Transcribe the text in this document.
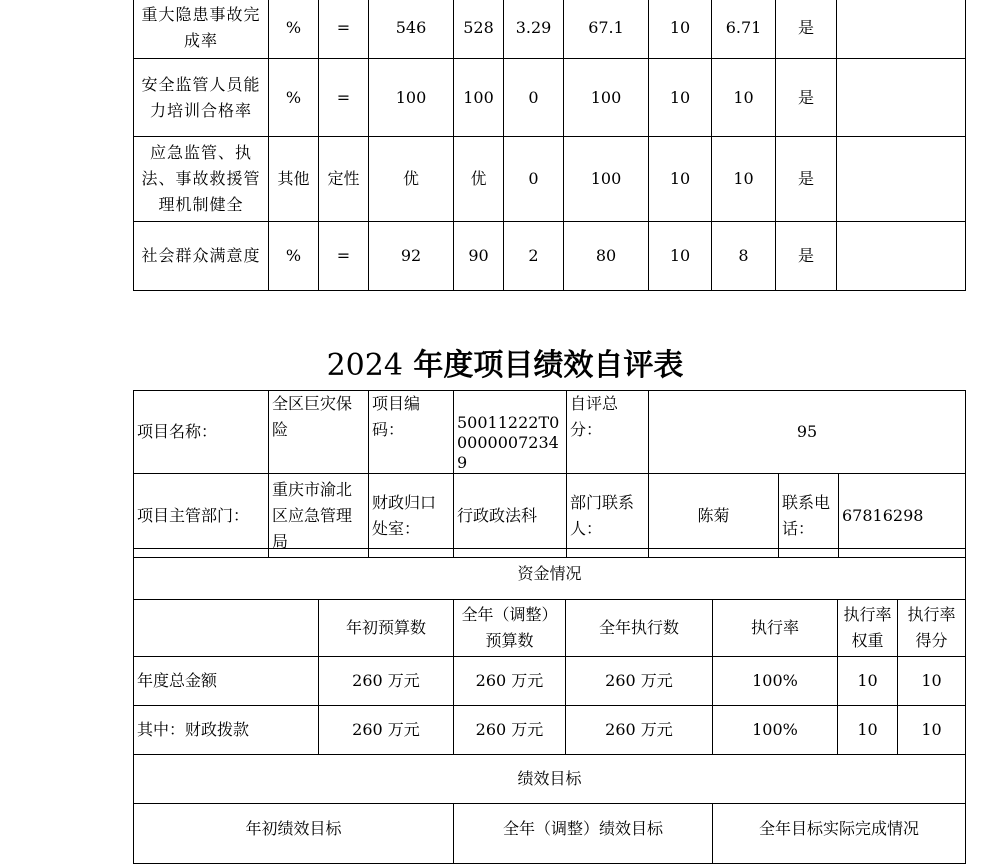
重大隐患事故完成率	%	=	546	528	3.29	67.1	10	6.71	是	
安全监管人员能力培训合格率	%	=	100	100	0	100	10	10	是	
应急监管、执法、事故救援管理机制健全	其他	定性	优	优	0	100	10	10	是	
社会群众满意度	%	=	92	90	2	80	10	8	是	
2024 年度项目绩效自评表
项目名称：	全区巨灾保险	项目编码：	50011222T000000072349	自评总分：	95		
项目主管部门：	重庆市渝北区应急管理局	财政归口处室：	行政政法科	部门联系人：	陈菊	联系电话：	67816298
资金情况						
	年初预算数	全年（调整）预算数	全年执行数	执行率	执行率权重	执行率得分
年度总金额	260 万元	260 万元	260 万元	100%	10	10
其中：财政拨款	260 万元	260 万元	260 万元	100%	10	10
绩效目标						
年初绩效目标		全年（调整）绩效目标		全年目标实际完成情况		
